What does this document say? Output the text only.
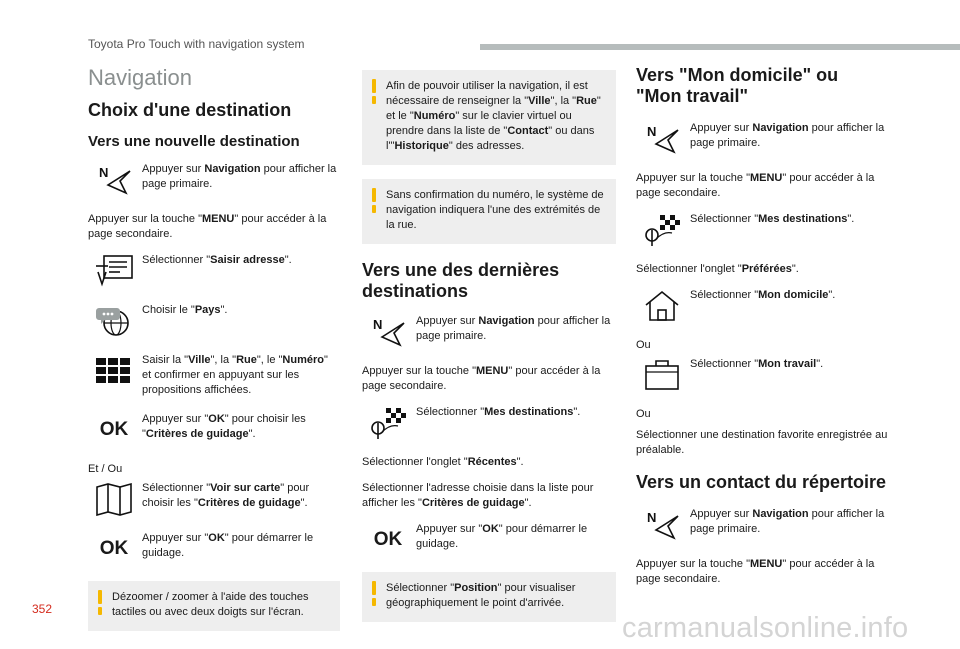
Toyota Pro Touch with navigation system
Navigation
Choix d'une destination
Vers une nouvelle destination
N	Appuyer sur Navigation pour afficher la page primaire.

Appuyer sur la touche "MENU" pour accéder à la page secondaire.

Sélectionner "Saisir adresse".
Choisir le "Pays".
Saisir la "Ville", la "Rue", le "Numéro" et confirmer en appuyant sur les propositions affichées.
OK Appuyer sur "OK" pour choisir les "Critères de guidage".

Et / Ou

Sélectionner "Voir sur carte" pour choisir les "Critères de guidage".
OK Appuyer sur "OK" pour démarrer le guidage.
Dézoomer / zoomer à l'aide des touches tactiles ou avec deux doigts sur l'écran.
Afin de pouvoir utiliser la navigation, il est nécessaire de renseigner la "Ville", la "Rue" et le "Numéro" sur le clavier virtuel ou prendre dans la liste de "Contact" ou dans l'"Historique" des adresses.
Sans confirmation du numéro, le système de navigation indiquera l'une des extrémités de la rue.
Vers une des dernières destinations
N	Appuyer sur Navigation pour afficher la page primaire.

Appuyer sur la touche "MENU" pour accéder à la page secondaire.

Sélectionner "Mes destinations".

Sélectionner l'onglet "Récentes".

Sélectionner l'adresse choisie dans la liste pour afficher les "Critères de guidage".

OK Appuyer sur "OK" pour démarrer le guidage.
Sélectionner "Position" pour visualiser géographiquement le point d'arrivée.
Vers "Mon domicile" ou "Mon travail"
N	Appuyer sur Navigation pour afficher la page primaire.

Appuyer sur la touche "MENU" pour accéder à la page secondaire.

Sélectionner "Mes destinations".

Sélectionner l'onglet "Préférées".

Sélectionner "Mon domicile".

Ou

Sélectionner "Mon travail".

Ou

Sélectionner une destination favorite enregistrée au préalable.

Vers un contact du répertoire
N	Appuyer sur Navigation pour afficher la page primaire.

Appuyer sur la touche "MENU" pour accéder à la page secondaire.

352
carmanualsonline.info
